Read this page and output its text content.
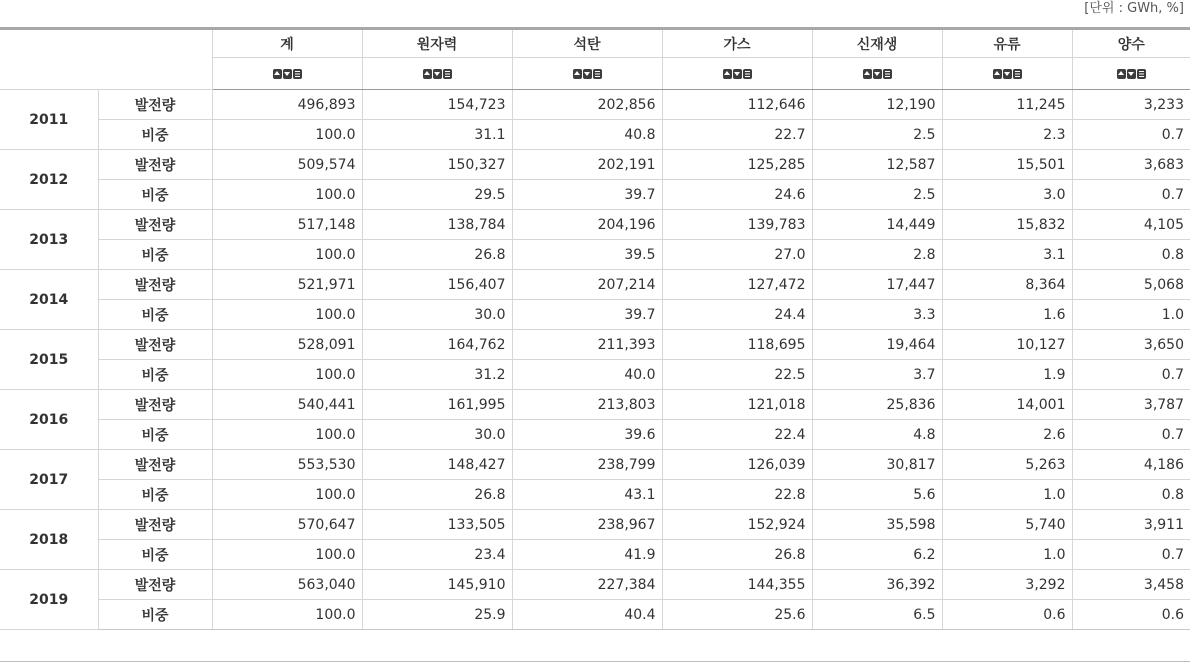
[단위 : GWh, %]
		계	원자력	석탄	가스	신재생	유류	양수

2011	발전량	496,893	154,723	202,856	112,646	12,190	11,245	3,233
	비중	100.0	31.1	40.8	22.7	2.5	2.3	0.7
2012	발전량	509,574	150,327	202,191	125,285	12,587	15,501	3,683
	비중	100.0	29.5	39.7	24.6	2.5	3.0	0.7
2013	발전량	517,148	138,784	204,196	139,783	14,449	15,832	4,105
	비중	100.0	26.8	39.5	27.0	2.8	3.1	0.8
2014	발전량	521,971	156,407	207,214	127,472	17,447	8,364	5,068
	비중	100.0	30.0	39.7	24.4	3.3	1.6	1.0
2015	발전량	528,091	164,762	211,393	118,695	19,464	10,127	3,650
	비중	100.0	31.2	40.0	22.5	3.7	1.9	0.7
2016	발전량	540,441	161,995	213,803	121,018	25,836	14,001	3,787
	비중	100.0	30.0	39.6	22.4	4.8	2.6	0.7
2017	발전량	553,530	148,427	238,799	126,039	30,817	5,263	4,186
	비중	100.0	26.8	43.1	22.8	5.6	1.0	0.8
2018	발전량	570,647	133,505	238,967	152,924	35,598	5,740	3,911
	비중	100.0	23.4	41.9	26.8	6.2	1.0	0.7
2019	발전량	563,040	145,910	227,384	144,355	36,392	3,292	3,458
	비중	100.0	25.9	40.4	25.6	6.5	0.6	0.6
